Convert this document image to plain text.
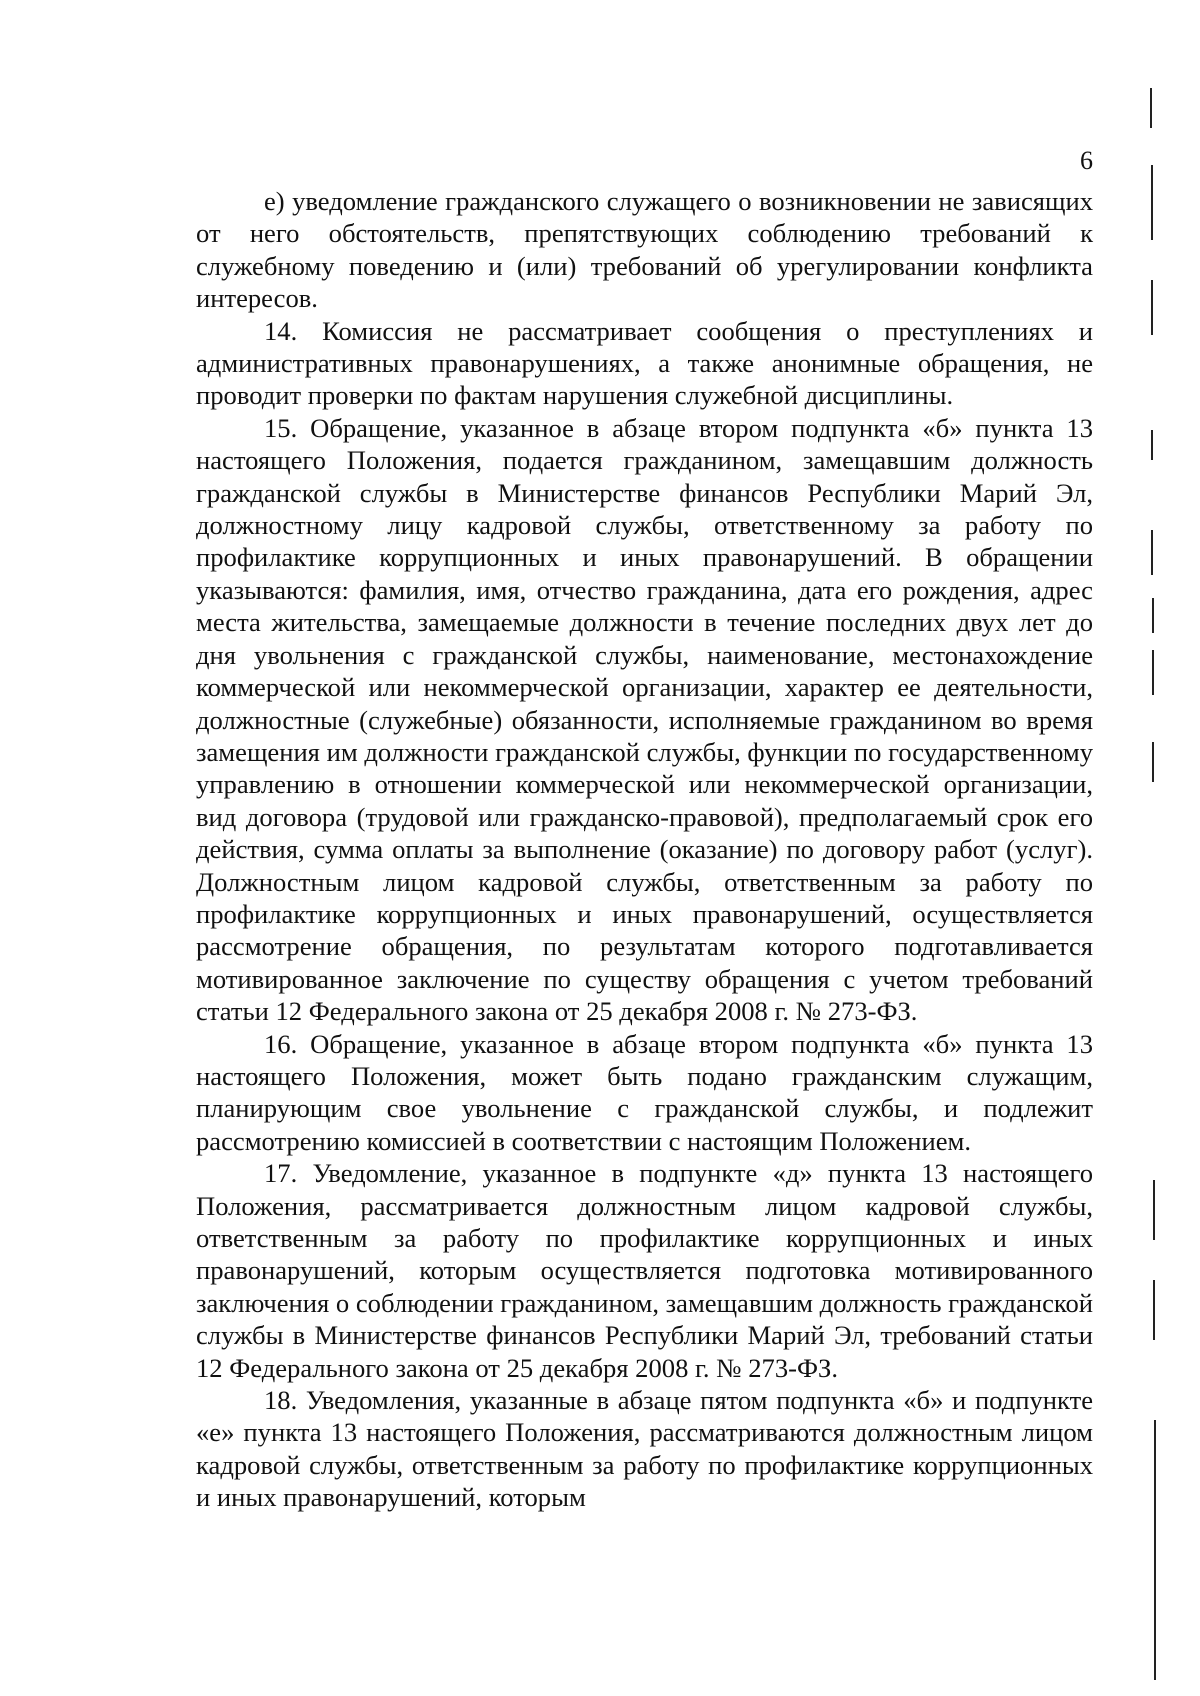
6

е) уведомление гражданского служащего о возникновении не зависящих от него обстоятельств, препятствующих соблюдению требований к служебному поведению и (или) требований об урегулировании конфликта интересов.

14. Комиссия не рассматривает сообщения о преступлениях и административных правонарушениях, а также анонимные обращения, не проводит проверки по фактам нарушения служебной дисциплины.

15. Обращение, указанное в абзаце втором подпункта «б» пункта 13 настоящего Положения, подается гражданином, замещавшим должность гражданской службы в Министерстве финансов Республики Марий Эл, должностному лицу кадровой службы, ответственному за работу по профилактике коррупционных и иных правонарушений. В обращении указываются: фамилия, имя, отчество гражданина, дата его рождения, адрес места жительства, замещаемые должности в течение последних двух лет до дня увольнения с гражданской службы, наименование, местонахождение коммерческой или некоммерческой организации, характер ее деятельности, должностные (служебные) обязанности, исполняемые гражданином во время замещения им должности гражданской службы, функции по государственному управлению в отношении коммерческой или некоммерческой организации, вид договора (трудовой или гражданско-правовой), предполагаемый срок его действия, сумма оплаты за выполнение (оказание) по договору работ (услуг). Должностным лицом кадровой службы, ответственным за работу по профилактике коррупционных и иных правонарушений, осуществляется рассмотрение обращения, по результатам которого подготавливается мотивированное заключение по существу обращения с учетом требований статьи 12 Федерального закона от 25 декабря 2008 г. № 273-ФЗ.

16. Обращение, указанное в абзаце втором подпункта «б» пункта 13 настоящего Положения, может быть подано гражданским служащим, планирующим свое увольнение с гражданской службы, и подлежит рассмотрению комиссией в соответствии с настоящим Положением.

17. Уведомление, указанное в подпункте «д» пункта 13 настоящего Положения, рассматривается должностным лицом кадровой службы, ответственным за работу по профилактике коррупционных и иных правонарушений, которым осуществляется подготовка мотивированного заключения о соблюдении гражданином, замещавшим должность гражданской службы в Министерстве финансов Республики Марий Эл, требований статьи 12 Федерального закона от 25 декабря 2008 г. № 273-ФЗ.

18. Уведомления, указанные в абзаце пятом подпункта «б» и подпункте «е» пункта 13 настоящего Положения, рассматриваются должностным лицом кадровой службы, ответственным за работу по профилактике коррупционных и иных правонарушений, которым
